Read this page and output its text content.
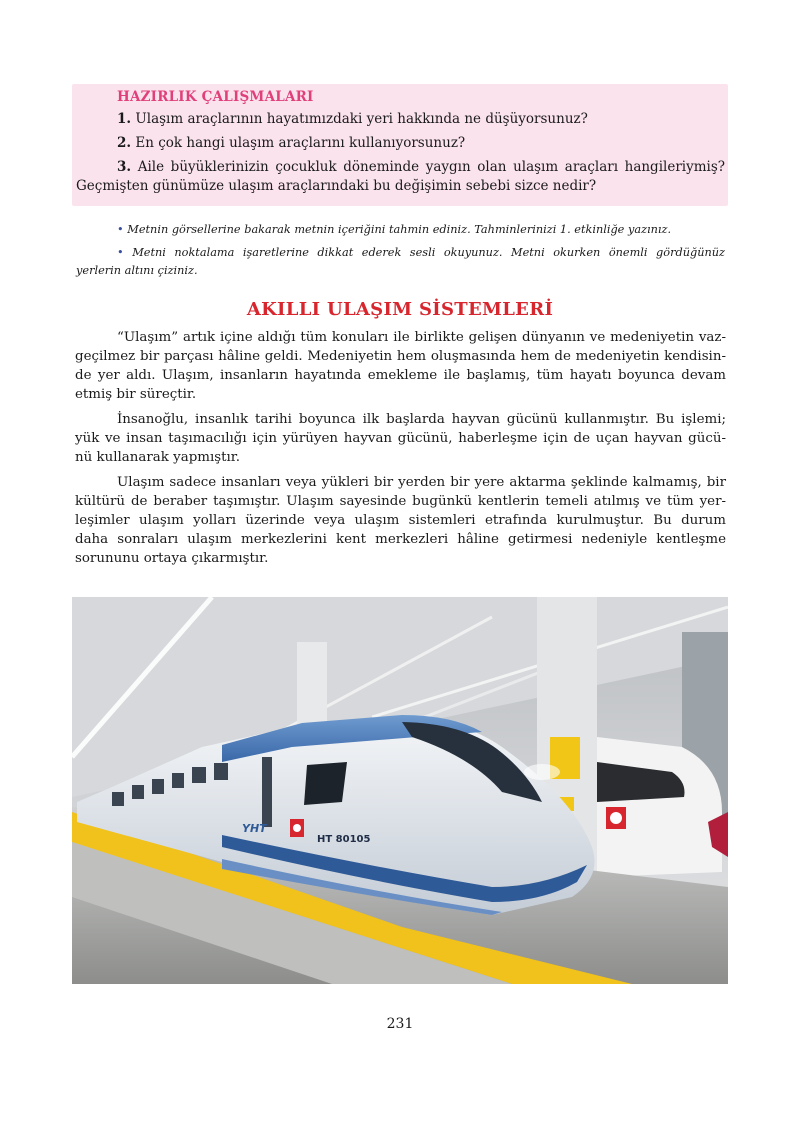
HAZIRLIK ÇALIŞMALARI
1. Ulaşım araçlarının hayatımızdaki yeri hakkında ne düşüyorsunuz?
2. En çok hangi ulaşım araçlarını kullanıyorsunuz?
3. Aile büyüklerinizin çocukluk döneminde yaygın olan ulaşım araçları hangileriymiş?
Geçmişten günümüze ulaşım araçlarındaki bu değişimin sebebi sizce nedir?
• Metnin görsellerine bakarak metnin içeriğini tahmin ediniz. Tahminlerinizi 1. etkinliğe yazınız.
• Metni noktalama işaretlerine dikkat ederek sesli okuyunuz. Metni okurken önemli gördüğünüz
yerlerin altını çiziniz.
AKILLI ULAŞIM SİSTEMLERİ
“Ulaşım” artık içine aldığı tüm konuları ile birlikte gelişen dünyanın ve medeniyetin vaz-
geçilmez bir parçası hâline geldi. Medeniyetin hem oluşmasında hem de medeniyetin kendisin-
de yer aldı. Ulaşım, insanların hayatında emekleme ile başlamış, tüm hayatı boyunca devam
etmiş bir süreçtir.
İnsanoğlu, insanlık tarihi boyunca ilk başlarda hayvan gücünü kullanmıştır. Bu işlemi;
yük ve insan taşımacılığı için yürüyen hayvan gücünü, haberleşme için de uçan hayvan gücü-
nü kullanarak yapmıştır.
Ulaşım sadece insanları veya yükleri bir yerden bir yere aktarma şeklinde kalmamış, bir
kültürü de beraber taşımıştır. Ulaşım sayesinde bugünkü kentlerin temeli atılmış ve tüm yer-
leşimler ulaşım yolları üzerinde veya ulaşım sistemleri etrafında kurulmuştur. Bu durum
daha sonraları ulaşım merkezlerini kent merkezleri hâline getirmesi nedeniyle kentleşme
sorununu ortaya çıkarmıştır.
YHT
HT 80105
231
